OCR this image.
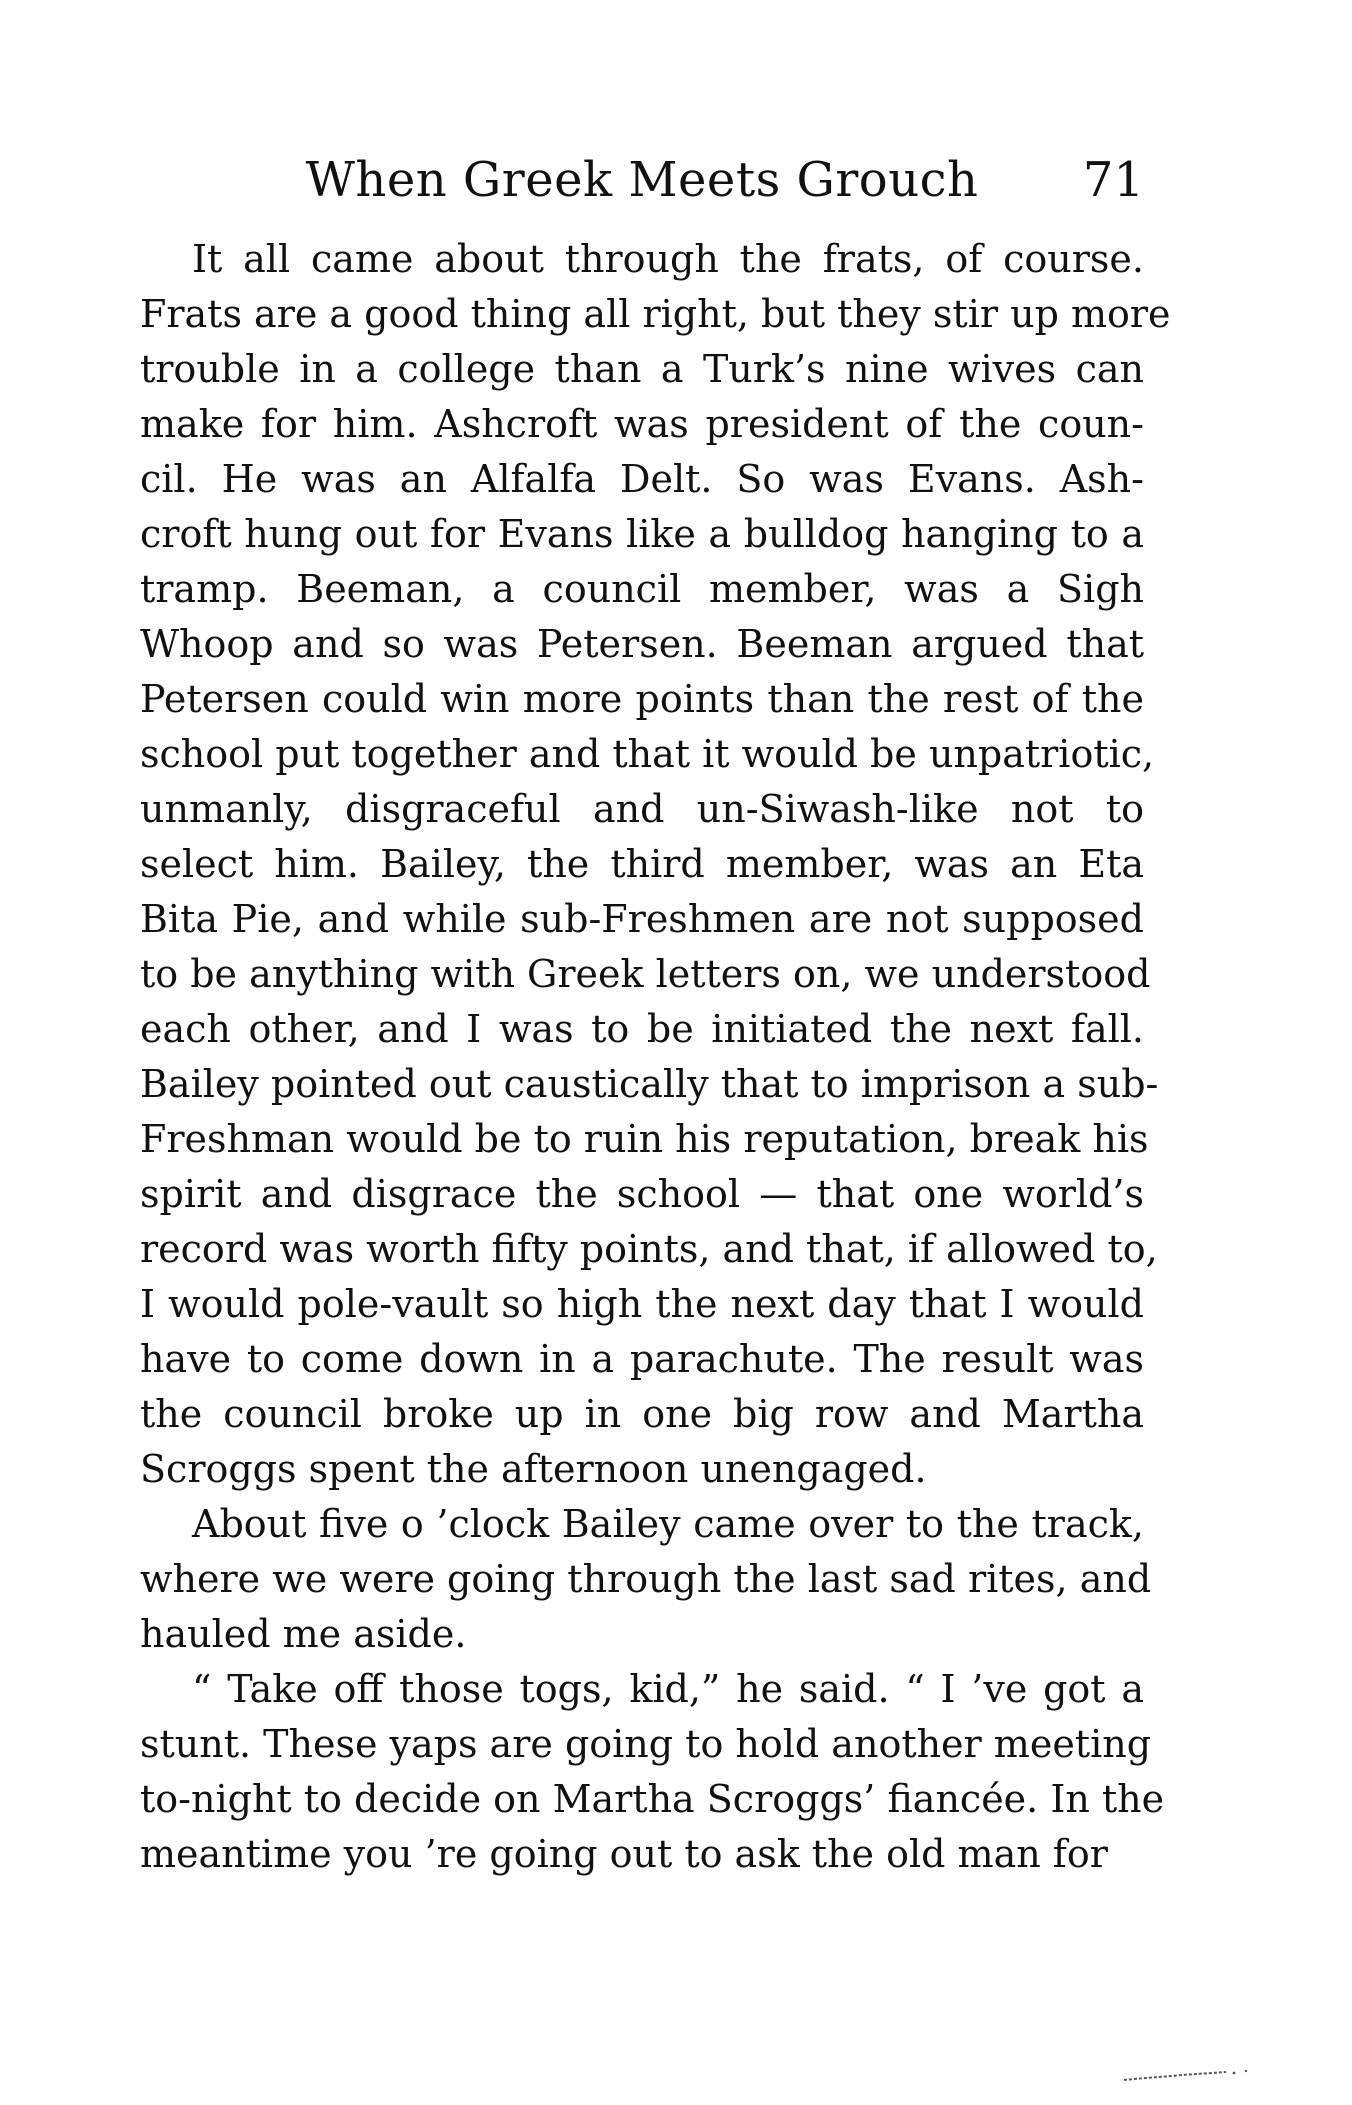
When Greek Meets Grouch	71
It all came about through the frats, of course.
Frats are a good thing all right, but they stir up more
trouble in a college than a Turk’s nine wives can
make for him. Ashcroft was president of the coun-
cil. He was an Alfalfa Delt. So was Evans. Ash-
croft hung out for Evans like a bulldog hanging to a
tramp. Beeman, a council member, was a Sigh
Whoop and so was Petersen. Beeman argued that
Petersen could win more points than the rest of the
school put together and that it would be unpatriotic,
unmanly, disgraceful and un-Siwash-like not to
select him. Bailey, the third member, was an Eta
Bita Pie, and while sub-Freshmen are not supposed
to be anything with Greek letters on, we understood
each other, and I was to be initiated the next fall.
Bailey pointed out caustically that to imprison a sub-
Freshman would be to ruin his reputation, break his
spirit and disgrace the school — that one world’s
record was worth fifty points, and that, if allowed to,
I would pole-vault so high the next day that I would
have to come down in a parachute. The result was
the council broke up in one big row and Martha
Scroggs spent the afternoon unengaged.
About five o ’clock Bailey came over to the track,
where we were going through the last sad rites, and
hauled me aside.
“ Take off those togs, kid,” he said. “ I ’ve got a
stunt. These yaps are going to hold another meeting
to-night to decide on Martha Scroggs’ fiancée. In the
meantime you ’re going out to ask the old man for
